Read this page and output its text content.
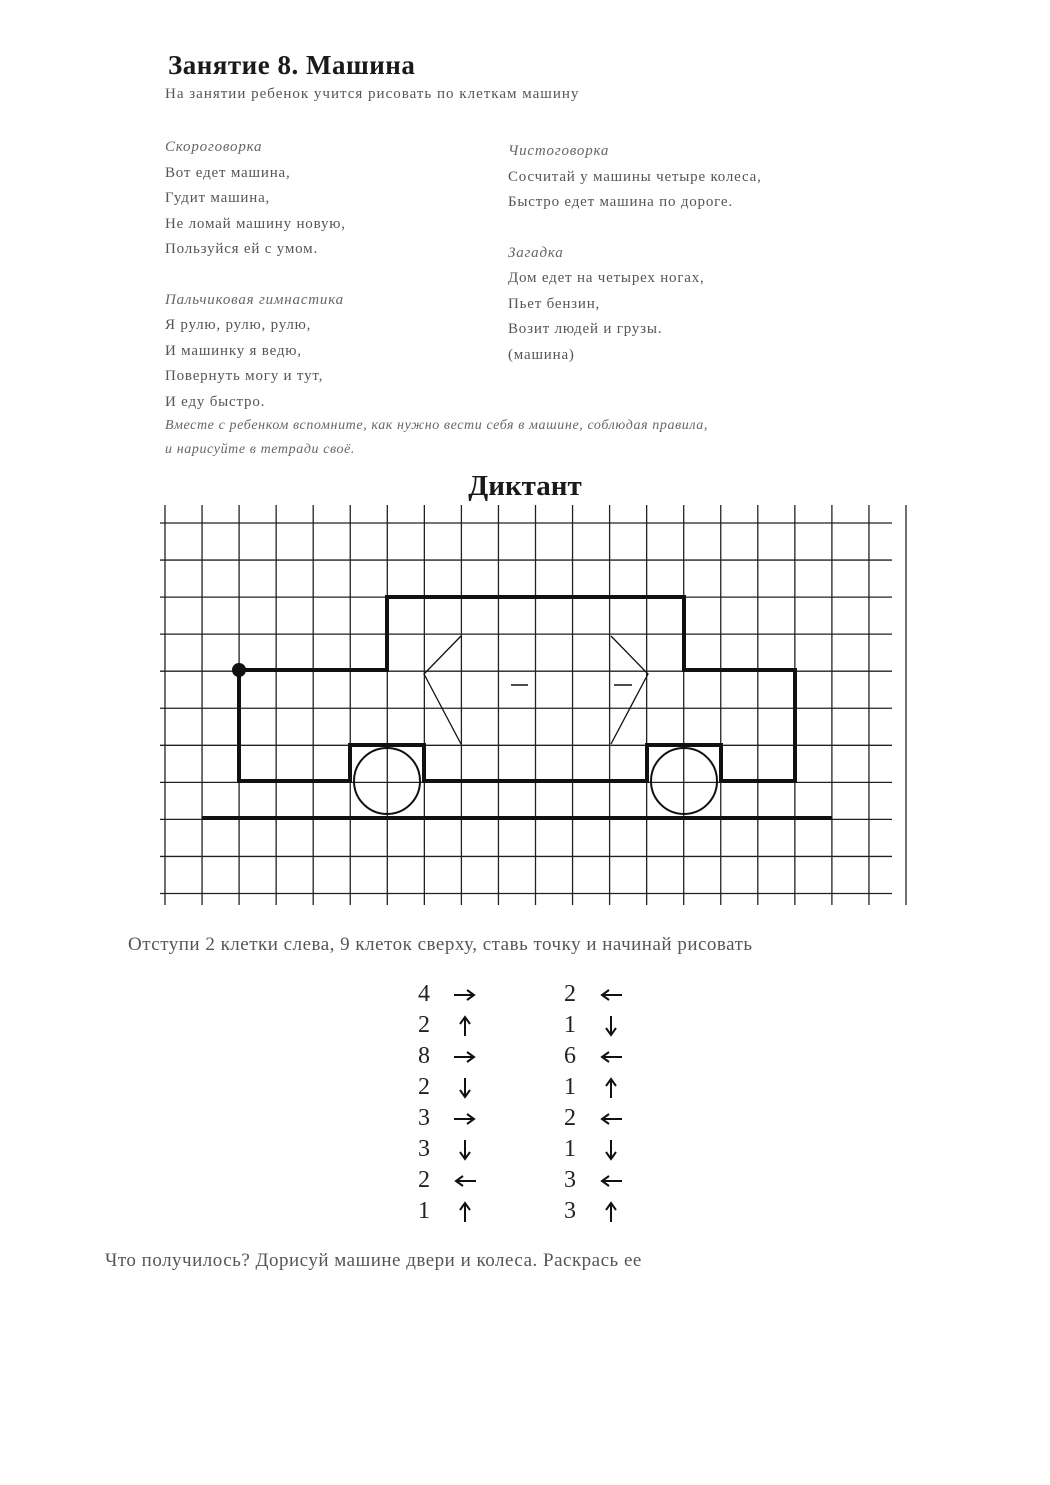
Занятие 8. Машина
На занятии ребенок учится рисовать по клеткам машину
Скороговорка
Вот едет машина,
Гудит машина,
Не ломай машину новую,
Пользуйся ей с умом.
Пальчиковая гимнастика
Я рулю, рулю, рулю,
И машинку я ведю,
Повернуть могу и тут,
И еду быстро.
Чистоговорка
Сосчитай у машины четыре колеса,
Быстро едет машина по дороге.
Загадка
Дом едет на четырех ногах,
Пьет бензин,
Возит людей и грузы.
(машина)
Вместе с ребенком вспомните, как нужно вести себя в машине, соблюдая правила,
и нарисуйте в тетради своё.
Диктант
Отступи 2 клетки слева, 9 клеток сверху, ставь точку и начинай рисовать
4
2
8
2
3
3
2
1
2
1
6
1
2
1
3
3
Что получилось? Дорисуй машине двери и колеса. Раскрась ее
